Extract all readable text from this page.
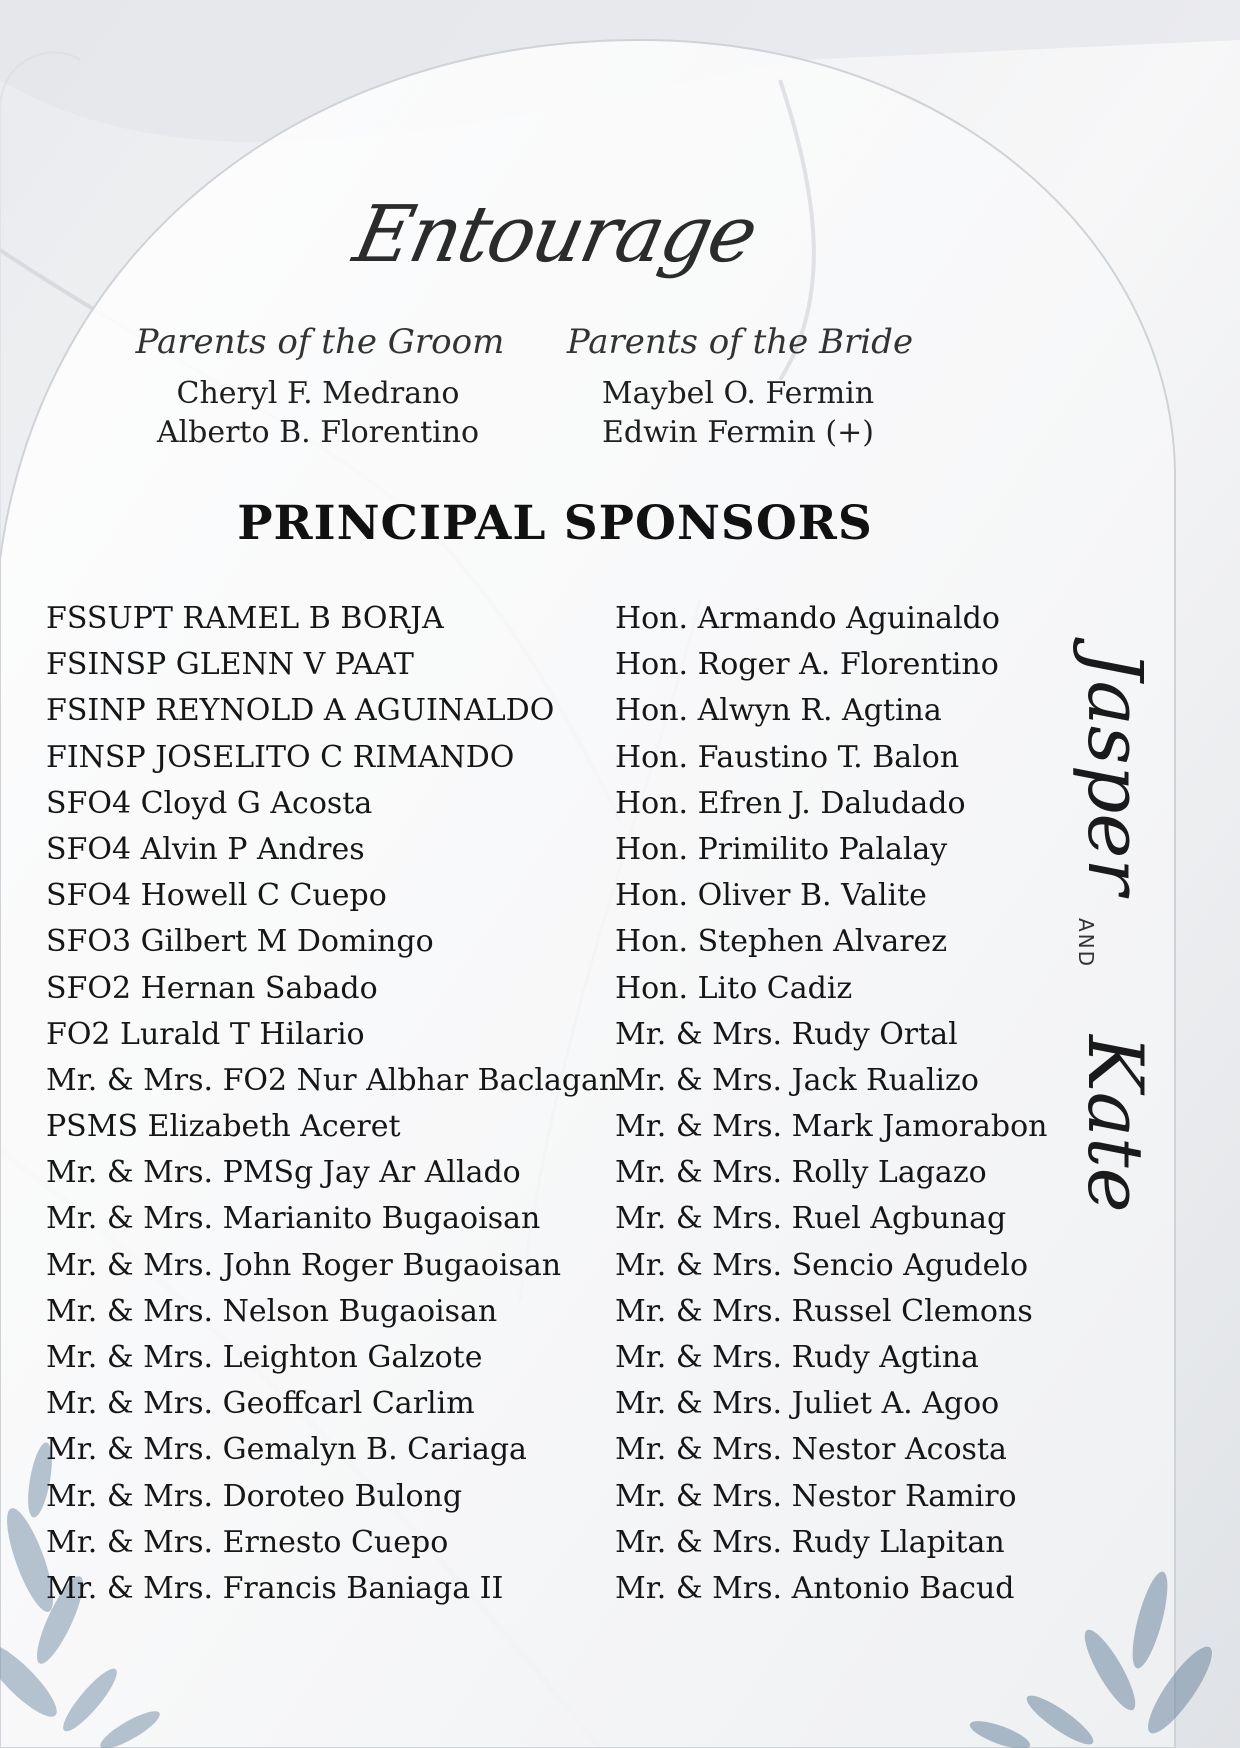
Entourage
Parents of the Groom	Parents of the Bride
Cheryl F. Medrano
Alberto B. Florentino
Maybel O. Fermin
Edwin Fermin (+)
PRINCIPAL SPONSORS
FSSUPT RAMEL B BORJA
FSINSP GLENN V PAAT
FSINP REYNOLD A AGUINALDO
FINSP JOSELITO C RIMANDO
SFO4 Cloyd G Acosta
SFO4 Alvin P Andres
SFO4 Howell C Cuepo
SFO3 Gilbert M Domingo
SFO2 Hernan Sabado
FO2 Lurald T Hilario
Mr. & Mrs. FO2 Nur Albhar Baclagan
PSMS Elizabeth Aceret
Mr. & Mrs. PMSg Jay Ar Allado
Mr. & Mrs. Marianito Bugaoisan
Mr. & Mrs. John Roger Bugaoisan
Mr. & Mrs. Nelson Bugaoisan
Mr. & Mrs. Leighton Galzote
Mr. & Mrs. Geoffcarl Carlim
Mr. & Mrs. Gemalyn B. Cariaga
Mr. & Mrs. Doroteo Bulong
Mr. & Mrs. Ernesto Cuepo
Mr. & Mrs. Francis Baniaga II
Hon. Armando Aguinaldo
Hon. Roger A. Florentino
Hon. Alwyn R. Agtina
Hon. Faustino T. Balon
Hon. Efren J. Daludado
Hon. Primilito Palalay
Hon. Oliver B. Valite
Hon. Stephen Alvarez
Hon. Lito Cadiz
Mr. & Mrs. Rudy Ortal
Mr. & Mrs. Jack Rualizo
Mr. & Mrs. Mark Jamorabon
Mr. & Mrs. Rolly Lagazo
Mr. & Mrs. Ruel Agbunag
Mr. & Mrs. Sencio Agudelo
Mr. & Mrs. Russel Clemons
Mr. & Mrs. Rudy Agtina
Mr. & Mrs. Juliet A. Agoo
Mr. & Mrs. Nestor Acosta
Mr. & Mrs. Nestor Ramiro
Mr. & Mrs. Rudy Llapitan
Mr. & Mrs. Antonio Bacud
Jasper
AND
Kate
